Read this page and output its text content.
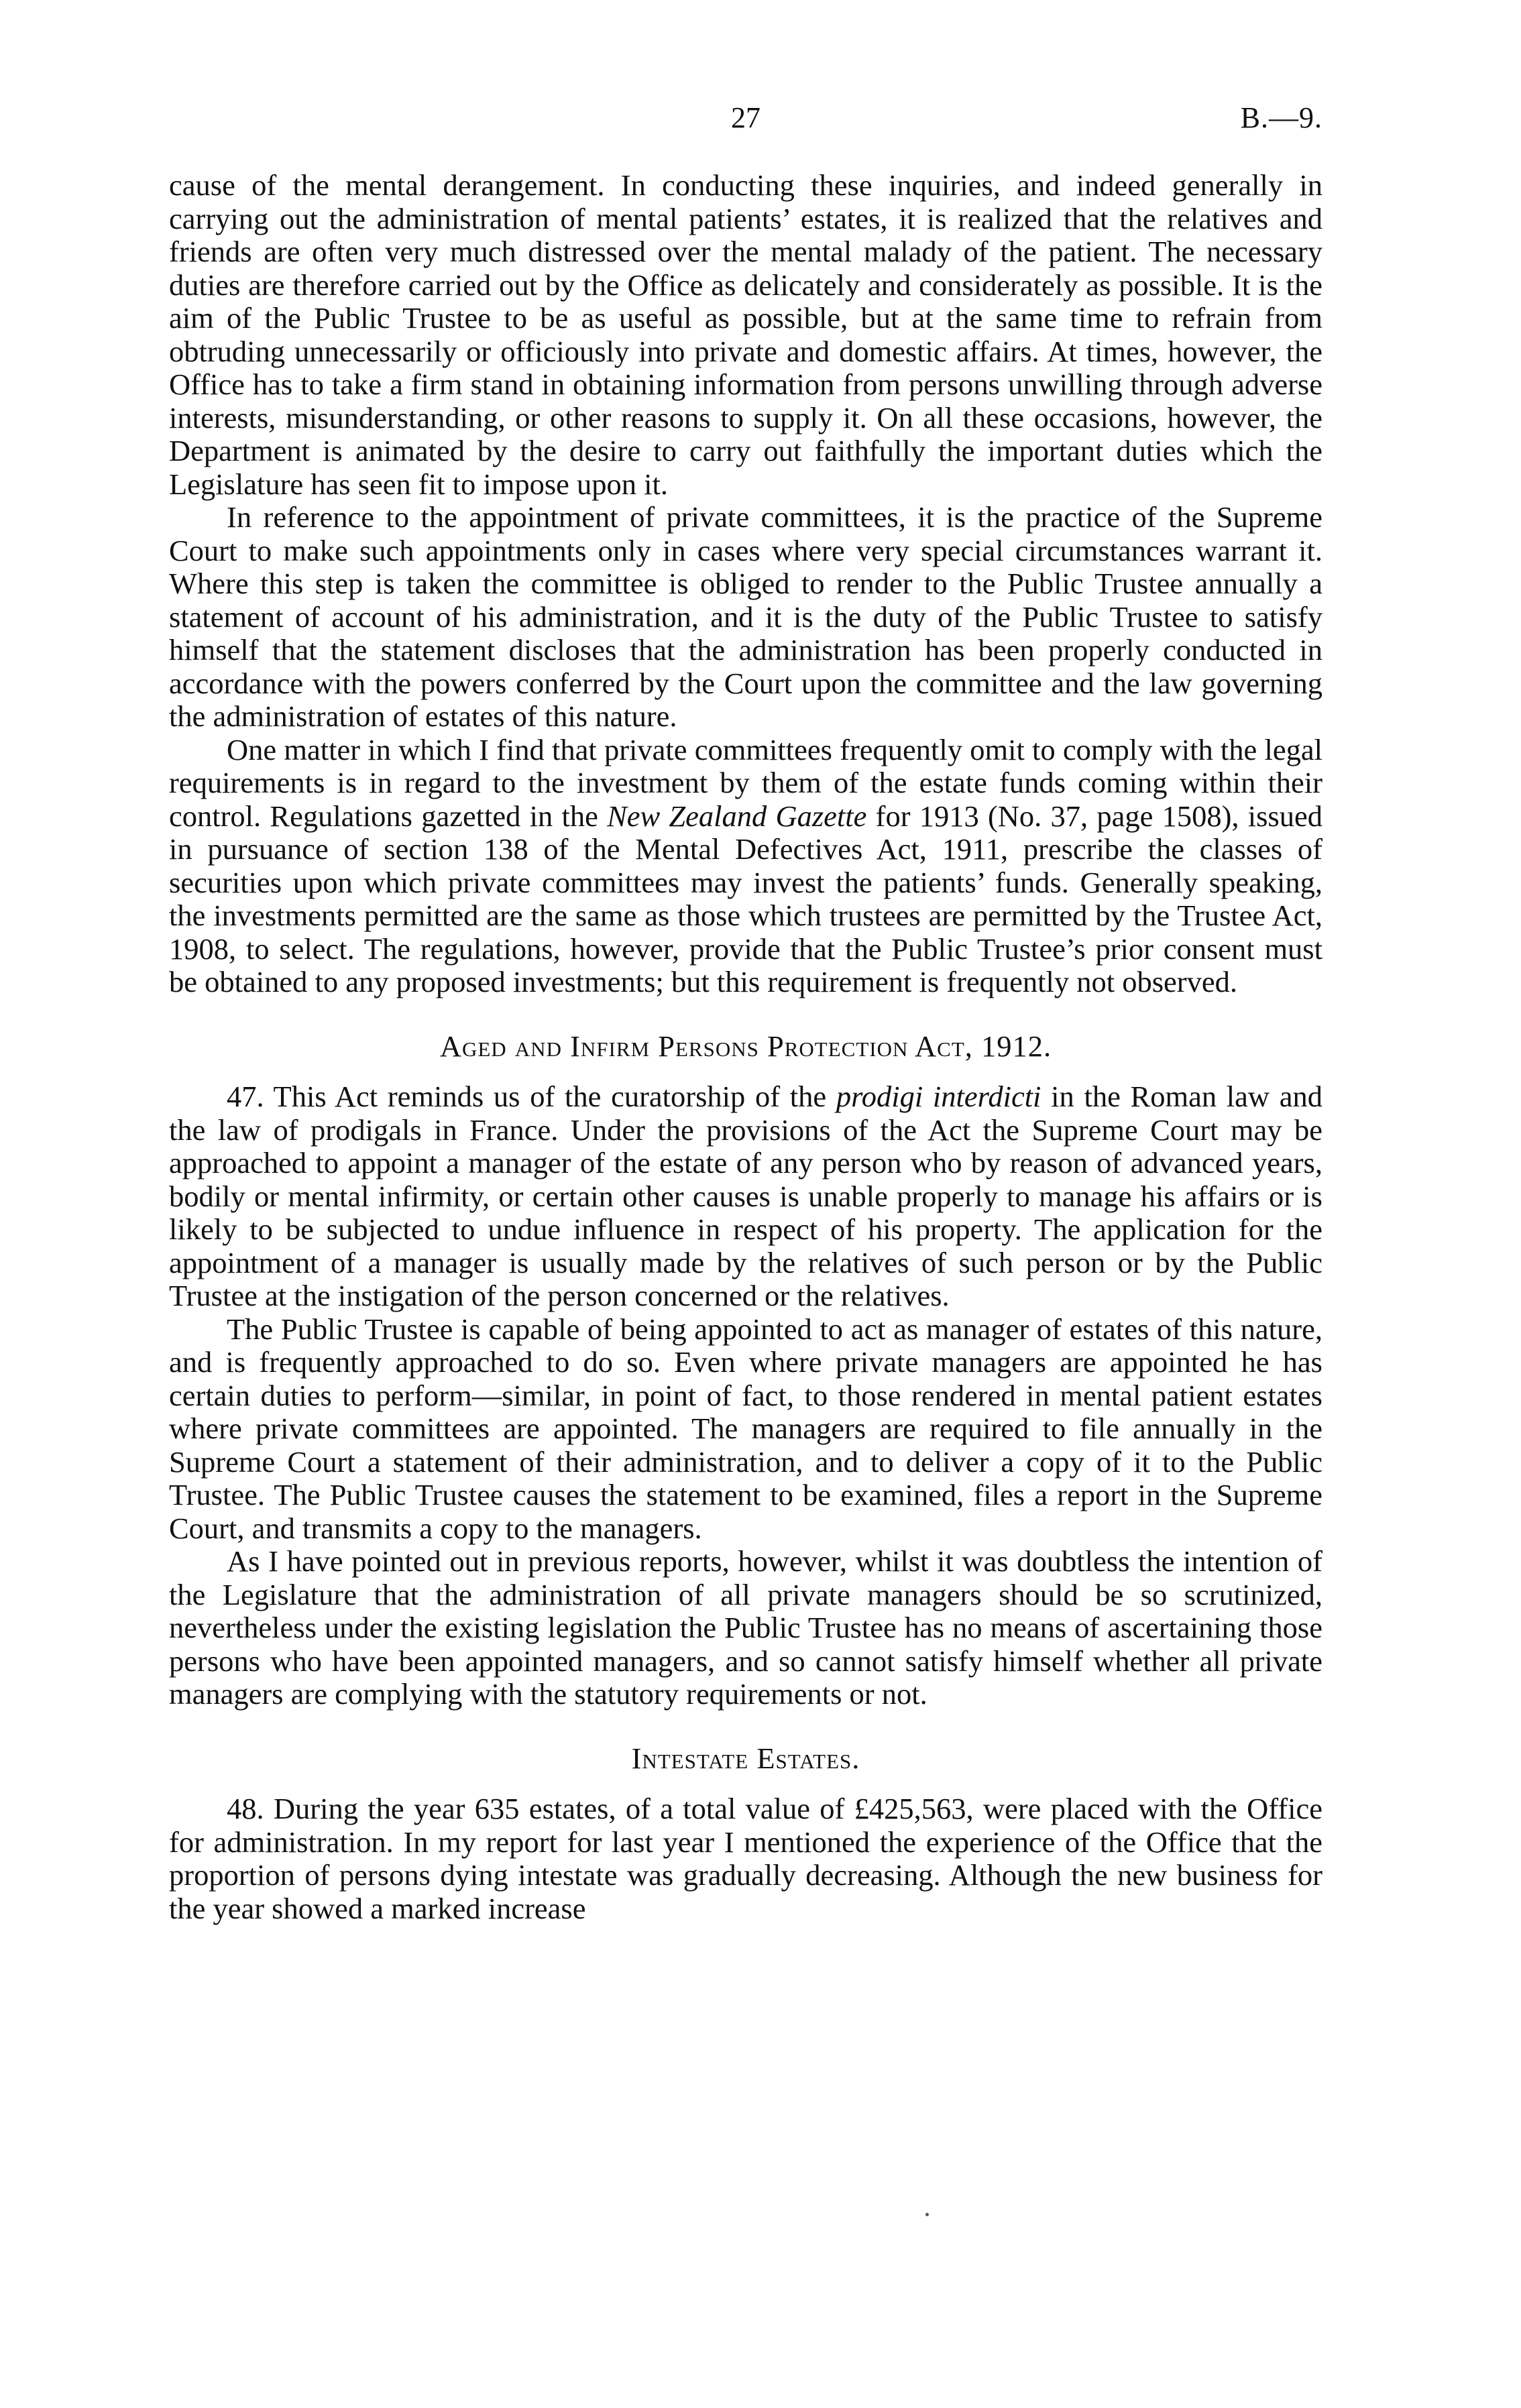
27	B.—9.

cause of the mental derangement. In conducting these inquiries, and indeed generally in carrying out the administration of mental patients’ estates, it is realized that the relatives and friends are often very much distressed over the mental malady of the patient. The necessary duties are therefore carried out by the Office as delicately and considerately as possible. It is the aim of the Public Trustee to be as useful as possible, but at the same time to refrain from obtruding unnecessarily or officiously into private and domestic affairs. At times, however, the Office has to take a firm stand in obtaining information from persons unwilling through adverse interests, misunderstanding, or other reasons to supply it. On all these occasions, however, the Department is animated by the desire to carry out faithfully the important duties which the Legislature has seen fit to impose upon it.

In reference to the appointment of private committees, it is the practice of the Supreme Court to make such appointments only in cases where very special circumstances warrant it. Where this step is taken the committee is obliged to render to the Public Trustee annually a statement of account of his administration, and it is the duty of the Public Trustee to satisfy himself that the statement discloses that the administration has been properly conducted in accordance with the powers conferred by the Court upon the committee and the law governing the administration of estates of this nature.

One matter in which I find that private committees frequently omit to comply with the legal requirements is in regard to the investment by them of the estate funds coming within their control. Regulations gazetted in the New Zealand Gazette for 1913 (No. 37, page 1508), issued in pursuance of section 138 of the Mental Defectives Act, 1911, prescribe the classes of securities upon which private committees may invest the patients’ funds. Generally speaking, the investments permitted are the same as those which trustees are permitted by the Trustee Act, 1908, to select. The regulations, however, provide that the Public Trustee’s prior consent must be obtained to any proposed investments; but this requirement is frequently not observed.

Aged and Infirm Persons Protection Act, 1912.

47. This Act reminds us of the curatorship of the prodigi interdicti in the Roman law and the law of prodigals in France. Under the provisions of the Act the Supreme Court may be approached to appoint a manager of the estate of any person who by reason of advanced years, bodily or mental infirmity, or certain other causes is unable properly to manage his affairs or is likely to be subjected to undue influence in respect of his property. The application for the appointment of a manager is usually made by the relatives of such person or by the Public Trustee at the instigation of the person concerned or the relatives.

The Public Trustee is capable of being appointed to act as manager of estates of this nature, and is frequently approached to do so. Even where private managers are appointed he has certain duties to perform—similar, in point of fact, to those rendered in mental patient estates where private committees are appointed. The managers are required to file annually in the Supreme Court a statement of their administration, and to deliver a copy of it to the Public Trustee. The Public Trustee causes the statement to be examined, files a report in the Supreme Court, and transmits a copy to the managers.

As I have pointed out in previous reports, however, whilst it was doubtless the intention of the Legislature that the administration of all private managers should be so scrutinized, nevertheless under the existing legislation the Public Trustee has no means of ascertaining those persons who have been appointed managers, and so cannot satisfy himself whether all private managers are complying with the statutory requirements or not.

Intestate Estates.

48. During the year 635 estates, of a total value of £425,563, were placed with the Office for administration. In my report for last year I mentioned the experience of the Office that the proportion of persons dying intestate was gradually decreasing. Although the new business for the year showed a marked increase
